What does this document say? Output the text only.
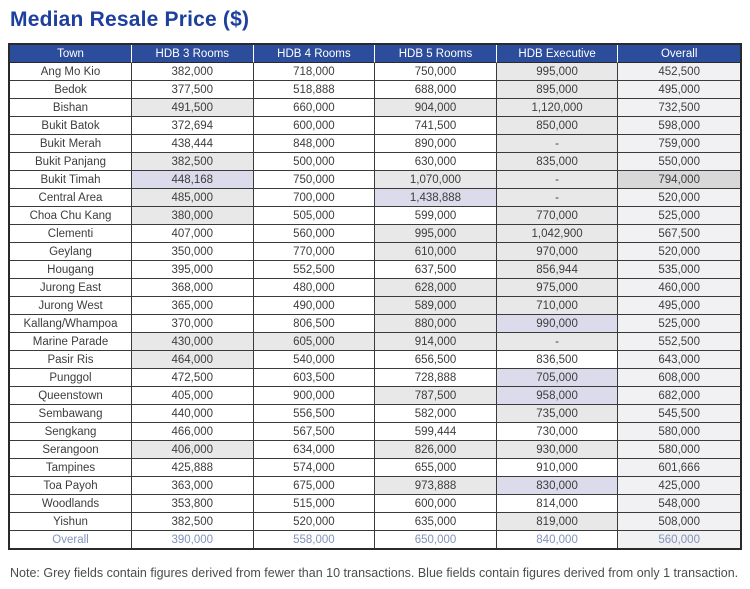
Median Resale Price ($)
Town	HDB 3 Rooms	HDB 4 Rooms	HDB 5 Rooms	HDB Executive	Overall
Ang Mo Kio	382,000	718,000	750,000	995,000	452,500
Bedok	377,500	518,888	688,000	895,000	495,000
Bishan	491,500	660,000	904,000	1,120,000	732,500
Bukit Batok	372,694	600,000	741,500	850,000	598,000
Bukit Merah	438,444	848,000	890,000	-	759,000
Bukit Panjang	382,500	500,000	630,000	835,000	550,000
Bukit Timah	448,168	750,000	1,070,000	-	794,000
Central Area	485,000	700,000	1,438,888	-	520,000
Choa Chu Kang	380,000	505,000	599,000	770,000	525,000
Clementi	407,000	560,000	995,000	1,042,900	567,500
Geylang	350,000	770,000	610,000	970,000	520,000
Hougang	395,000	552,500	637,500	856,944	535,000
Jurong East	368,000	480,000	628,000	975,000	460,000
Jurong West	365,000	490,000	589,000	710,000	495,000
Kallang/Whampoa	370,000	806,500	880,000	990,000	525,000
Marine Parade	430,000	605,000	914,000	-	552,500
Pasir Ris	464,000	540,000	656,500	836,500	643,000
Punggol	472,500	603,500	728,888	705,000	608,000
Queenstown	405,000	900,000	787,500	958,000	682,000
Sembawang	440,000	556,500	582,000	735,000	545,500
Sengkang	466,000	567,500	599,444	730,000	580,000
Serangoon	406,000	634,000	826,000	930,000	580,000
Tampines	425,888	574,000	655,000	910,000	601,666
Toa Payoh	363,000	675,000	973,888	830,000	425,000
Woodlands	353,800	515,000	600,000	814,000	548,000
Yishun	382,500	520,000	635,000	819,000	508,000
Overall	390,000	558,000	650,000	840,000	560,000

Note: Grey fields contain figures derived from fewer than 10 transactions. Blue fields contain figures derived from only 1 transaction.
